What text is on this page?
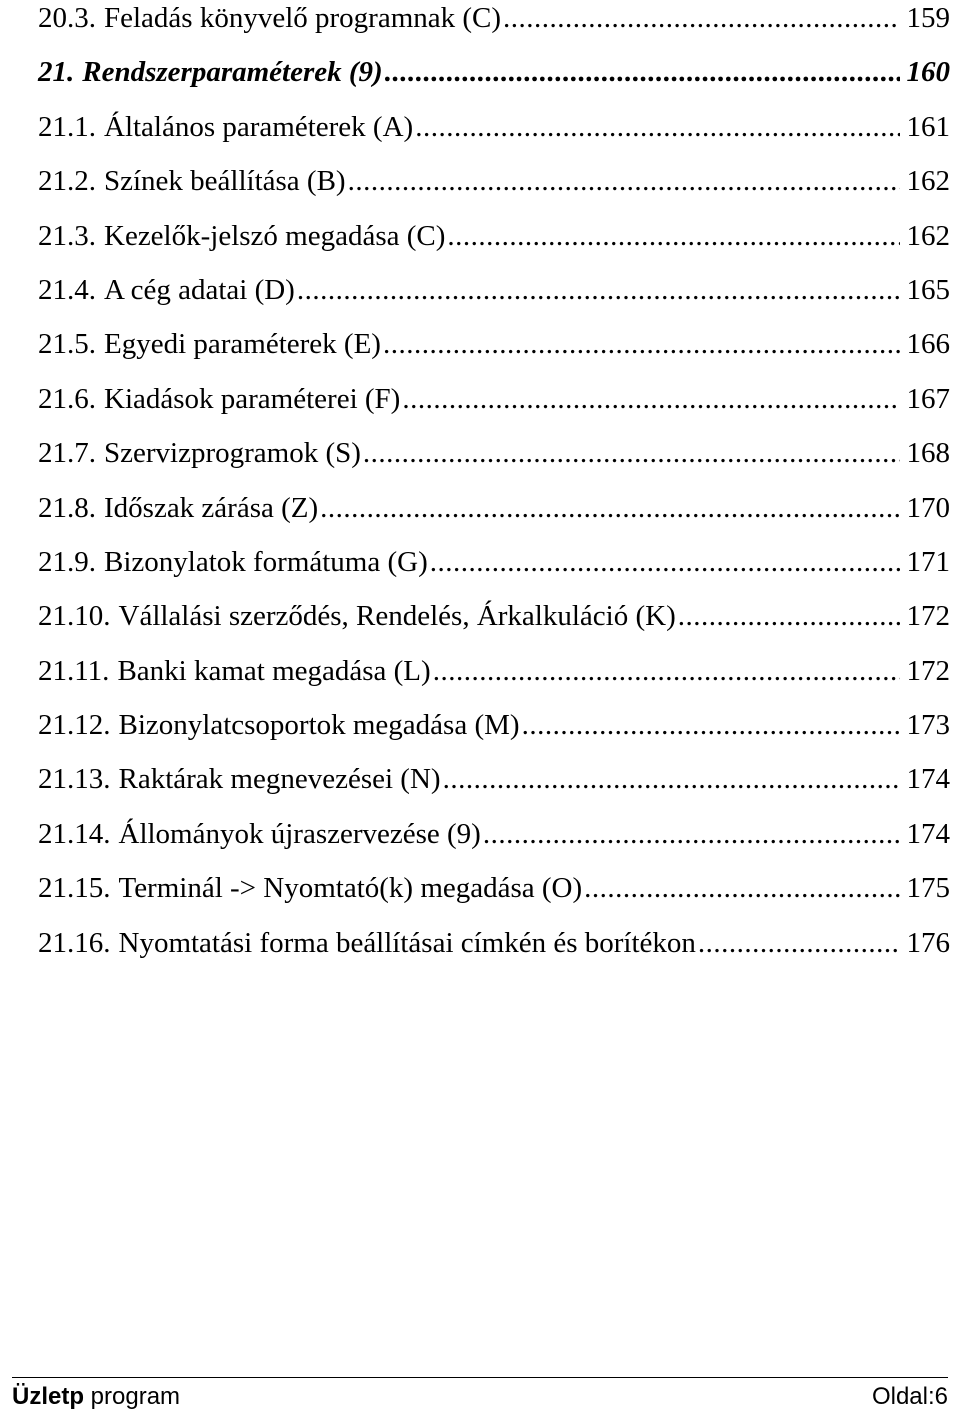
20.3. Feladás könyvelő programnak (C) .....	159
21. Rendszerparaméterek (9) .....	160
21.1. Általános paraméterek (A) .....	161
21.2. Színek beállítása (B) .....	162
21.3. Kezelők-jelszó megadása (C) .....	162
21.4. A cég adatai (D) .....	165
21.5. Egyedi paraméterek (E) .....	166
21.6. Kiadások paraméterei (F) .....	167
21.7. Szervizprogramok (S) .....	168
21.8. Időszak zárása (Z) .....	170
21.9. Bizonylatok formátuma (G) .....	171
21.10. Vállalási szerződés, Rendelés, Árkalkuláció (K) .....	172
21.11. Banki kamat megadása (L) .....	172
21.12. Bizonylatcsoportok megadása (M) .....	173
21.13. Raktárak megnevezései (N) .....	174
21.14. Állományok újraszervezése (9) .....	174
21.15. Terminál -> Nyomtató(k) megadása (O) .....	175
21.16. Nyomtatási forma beállításai címkén és borítékon .....	176
Üzletp program	Oldal:6
